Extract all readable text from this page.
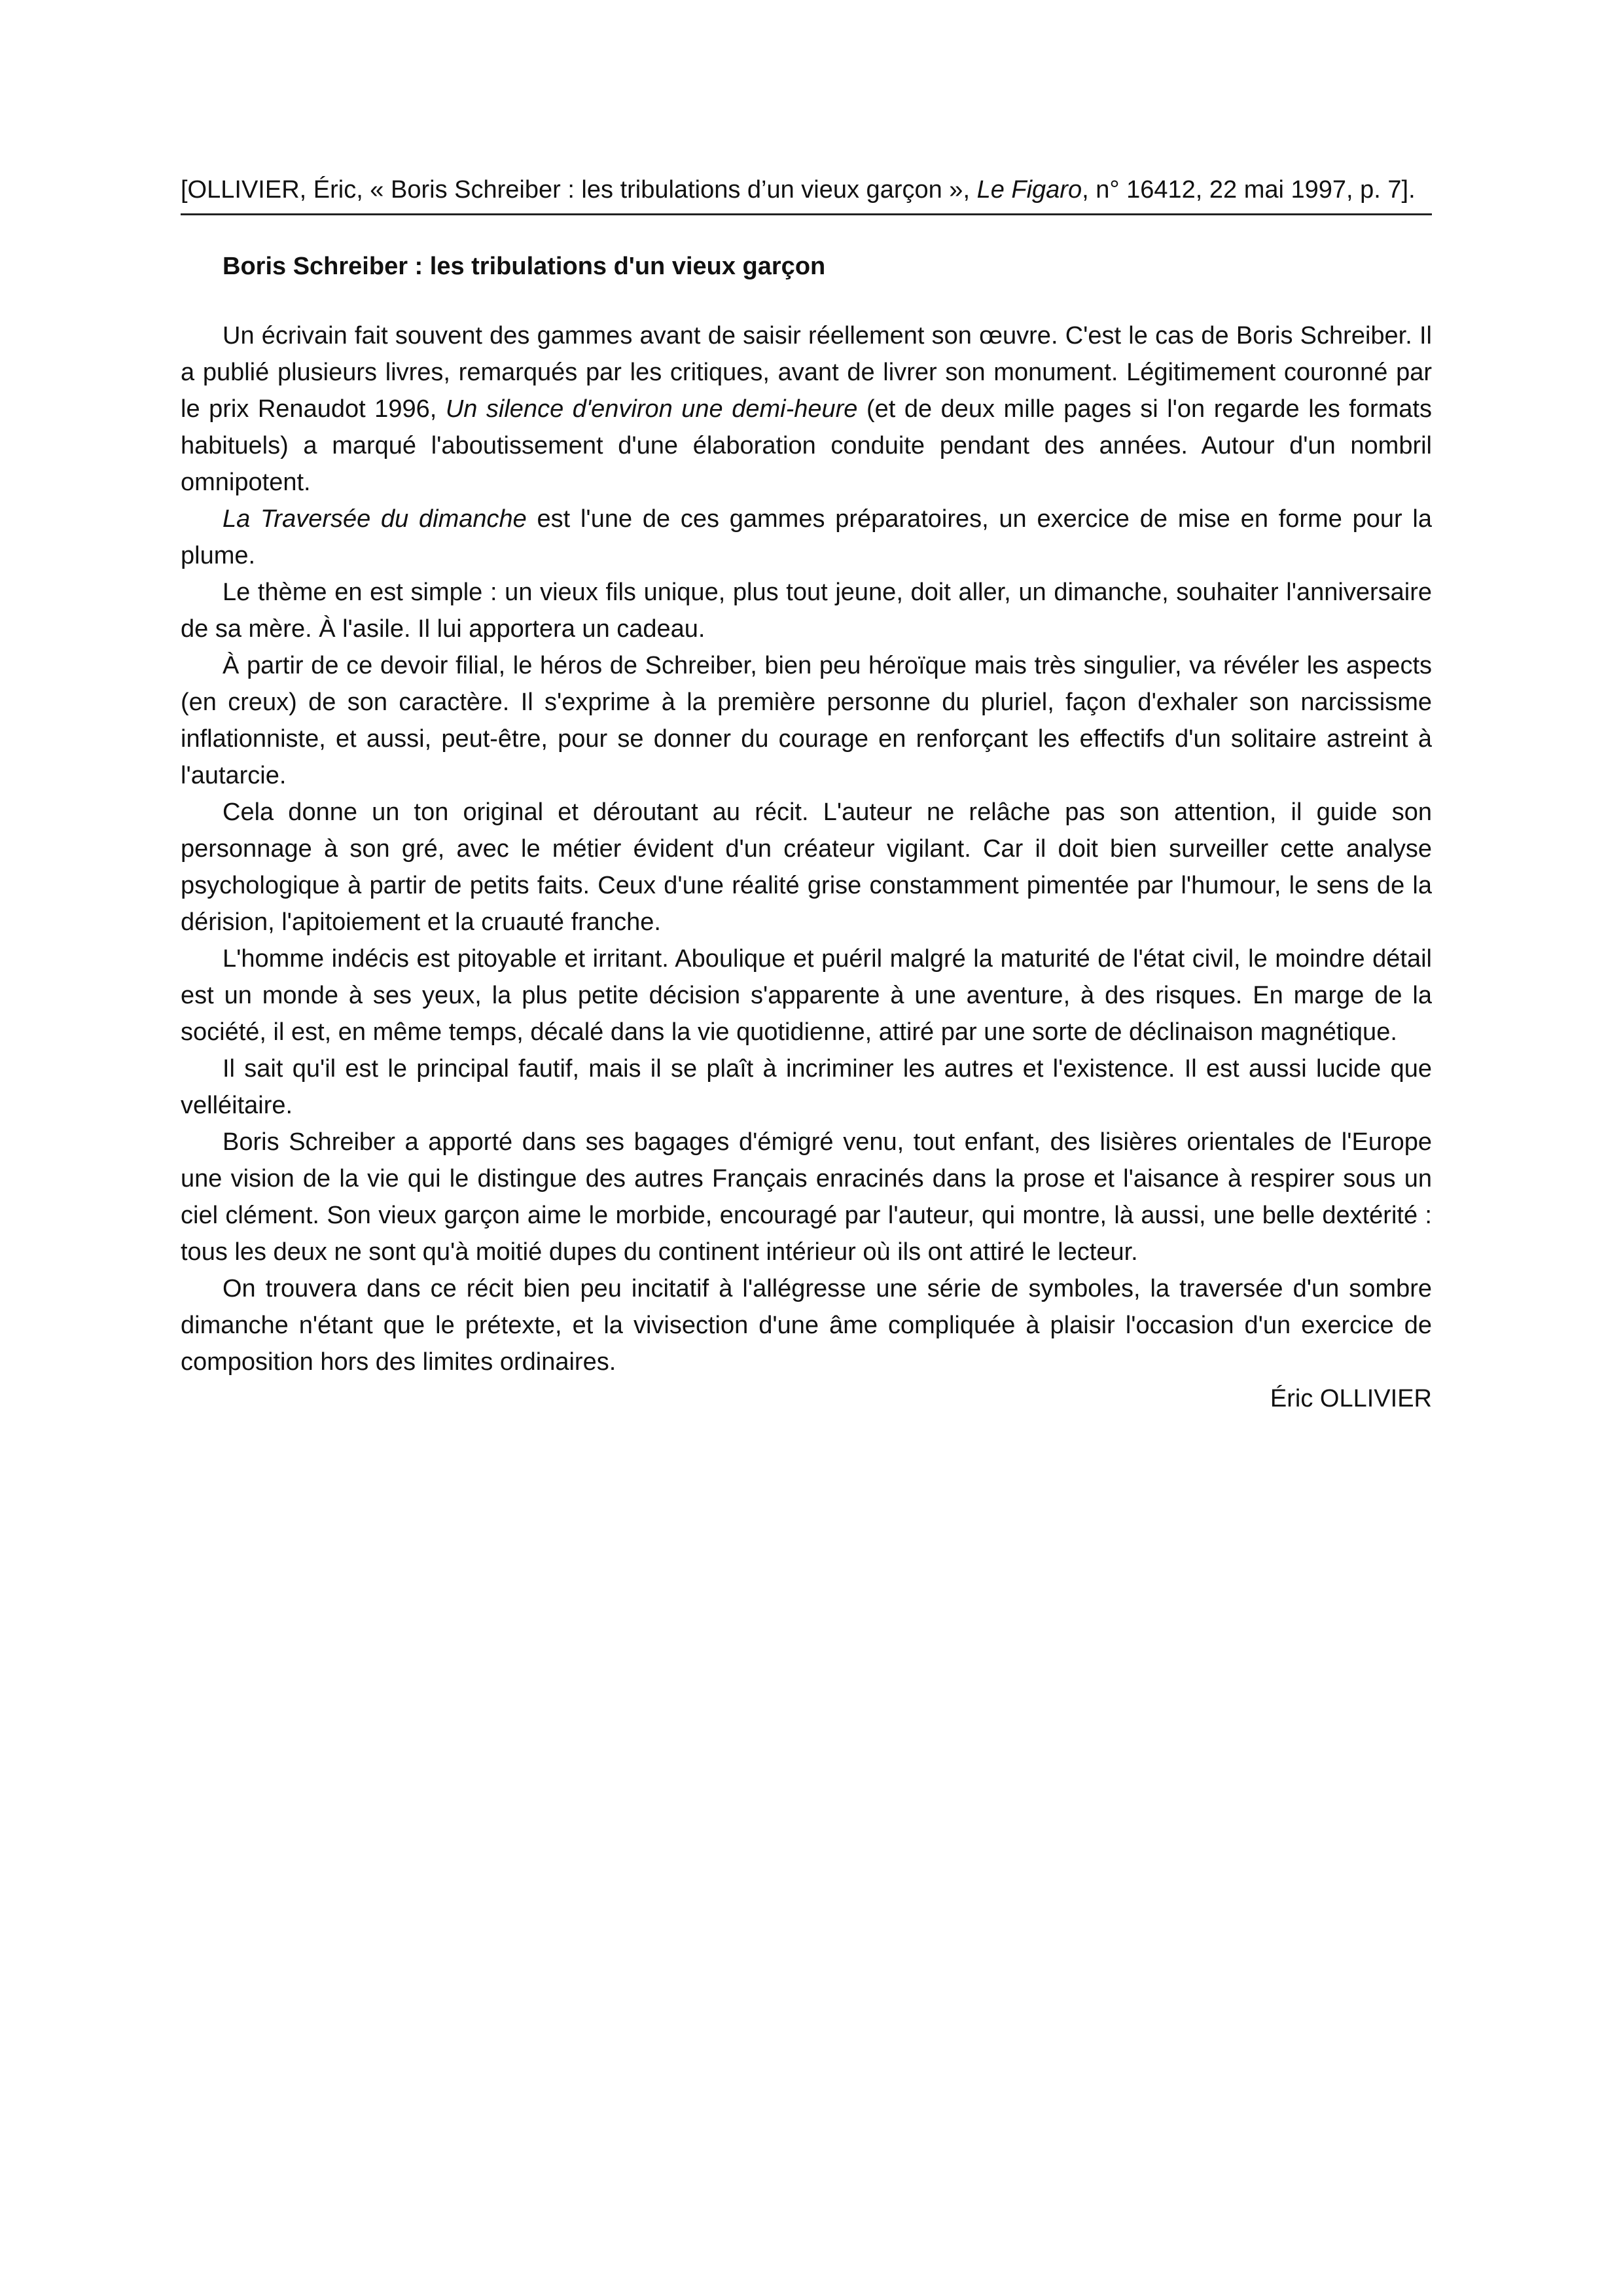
[OLLIVIER, Éric, « Boris Schreiber : les tribulations d’un vieux garçon », Le Figaro, n° 16412, 22 mai 1997, p. 7].

Boris Schreiber : les tribulations d'un vieux garçon

Un écrivain fait souvent des gammes avant de saisir réellement son œuvre. C'est le cas de Boris Schreiber. Il a publié plusieurs livres, remarqués par les critiques, avant de livrer son monument. Légitimement couronné par le prix Renaudot 1996, Un silence d'environ une demi-heure (et de deux mille pages si l'on regarde les formats habituels) a marqué l'aboutissement d'une élaboration conduite pendant des années. Autour d'un nombril omnipotent.

La Traversée du dimanche est l'une de ces gammes préparatoires, un exercice de mise en forme pour la plume.

Le thème en est simple : un vieux fils unique, plus tout jeune, doit aller, un dimanche, souhaiter l'anniversaire de sa mère. À l'asile. Il lui apportera un cadeau.

À partir de ce devoir filial, le héros de Schreiber, bien peu héroïque mais très singulier, va révéler les aspects (en creux) de son caractère. Il s'exprime à la première personne du pluriel, façon d'exhaler son narcissisme inflationniste, et aussi, peut-être, pour se donner du courage en renforçant les effectifs d'un solitaire astreint à l'autarcie.

Cela donne un ton original et déroutant au récit. L'auteur ne relâche pas son attention, il guide son personnage à son gré, avec le métier évident d'un créateur vigilant. Car il doit bien surveiller cette analyse psychologique à partir de petits faits. Ceux d'une réalité grise constamment pimentée par l'humour, le sens de la dérision, l'apitoiement et la cruauté franche.

L'homme indécis est pitoyable et irritant. Aboulique et puéril malgré la maturité de l'état civil, le moindre détail est un monde à ses yeux, la plus petite décision s'apparente à une aventure, à des risques. En marge de la société, il est, en même temps, décalé dans la vie quotidienne, attiré par une sorte de déclinaison magnétique.

Il sait qu'il est le principal fautif, mais il se plaît à incriminer les autres et l'existence. Il est aussi lucide que velléitaire.

Boris Schreiber a apporté dans ses bagages d'émigré venu, tout enfant, des lisières orientales de l'Europe une vision de la vie qui le distingue des autres Français enracinés dans la prose et l'aisance à respirer sous un ciel clément. Son vieux garçon aime le morbide, encouragé par l'auteur, qui montre, là aussi, une belle dextérité : tous les deux ne sont qu'à moitié dupes du continent intérieur où ils ont attiré le lecteur.

On trouvera dans ce récit bien peu incitatif à l'allégresse une série de symboles, la traversée d'un sombre dimanche n'étant que le prétexte, et la vivisection d'une âme compliquée à plaisir l'occasion d'un exercice de composition hors des limites ordinaires.

Éric OLLIVIER
